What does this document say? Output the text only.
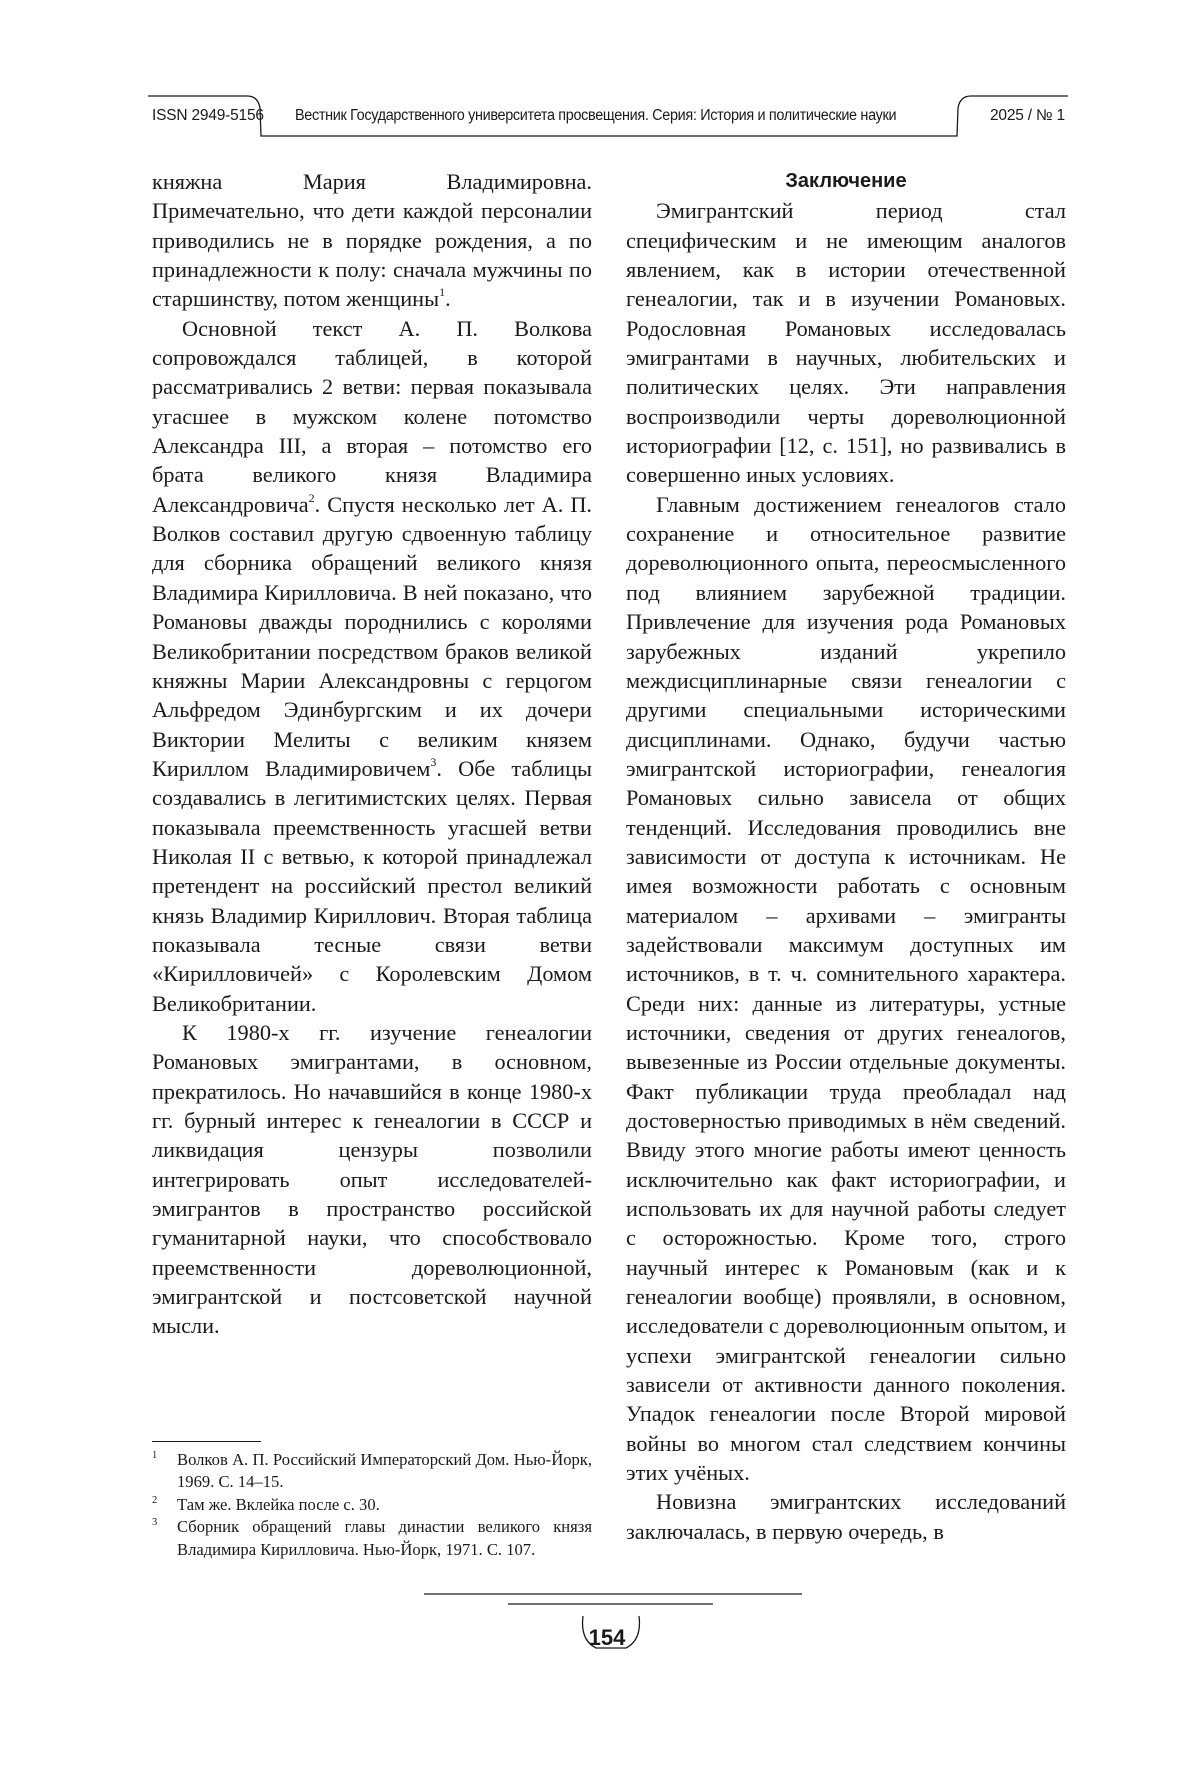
ISSN 2949-5156 Вестник Государственного университета просвещения. Серия: История и политические науки	2025 / № 1

княжна Мария Владимировна. Примечательно, что дети каждой персоналии приводились не в порядке рождения, а по принадлежности к полу: сначала мужчины по старшинству, потом женщины$^1$.

Основной текст А. П. Волкова сопровождался таблицей, в которой рассматривались 2 ветви: первая показывала угасшее в мужском колене потомство Александра III, а вторая – потомство его брата великого князя Владимира Александровича$^2$. Спустя несколько лет А. П. Волков составил другую сдвоенную таблицу для сборника обращений великого князя Владимира Кирилловича. В ней показано, что Романовы дважды породнились с королями Великобритании посредством браков великой княжны Марии Александровны с герцогом Альфредом Эдинбургским и их дочери Виктории Мелиты с великим князем Кириллом Владимировичем$^3$. Обе таблицы создавались в легитимистских целях. Первая показывала преемственность угасшей ветви Николая II с ветвью, к которой принадлежал претендент на российский престол великий князь Владимир Кириллович. Вторая таблица показывала тесные связи ветви «Кирилловичей» с Королевским Домом Великобритании.

К 1980-х гг. изучение генеалогии Романовых эмигрантами, в основном, прекратилось. Но начавшийся в конце 1980-х гг. бурный интерес к генеалогии в СССР и ликвидация цензуры позволили интегрировать опыт исследователей-эмигрантов в пространство российской гуманитарной науки, что способствовало преемственности дореволюционной, эмигрантской и постсоветской научной мысли.

Заключение

Эмигрантский период стал специфическим и не имеющим аналогов явлением, как в истории отечественной генеалогии, так и в изучении Романовых. Родословная Романовых исследовалась эмигрантами в научных, любительских и политических целях. Эти направления воспроизводили черты дореволюционной историографии [12, с. 151], но развивались в совершенно иных условиях.

Главным достижением генеалогов стало сохранение и относительное развитие дореволюционного опыта, переосмысленного под влиянием зарубежной традиции. Привлечение для изучения рода Романовых зарубежных изданий укрепило междисциплинарные связи генеалогии с другими специальными историческими дисциплинами. Однако, будучи частью эмигрантской историографии, генеалогия Романовых сильно зависела от общих тенденций. Исследования проводились вне зависимости от доступа к источникам. Не имея возможности работать с основным материалом – архивами – эмигранты задействовали максимум доступных им источников, в т. ч. сомнительного характера. Среди них: данные из литературы, устные источники, сведения от других генеалогов, вывезенные из России отдельные документы. Факт публикации труда преобладал над достоверностью приводимых в нём сведений. Ввиду этого многие работы имеют ценность исключительно как факт историографии, и использовать их для научной работы следует с осторожностью. Кроме того, строго научный интерес к Романовым (как и к генеалогии вообще) проявляли, в основном, исследователи с дореволюционным опытом, и успехи эмигрантской генеалогии сильно зависели от активности данного поколения. Упадок генеалогии после Второй мировой войны во многом стал следствием кончины этих учёных.

Новизна эмигрантских исследований заключалась, в первую очередь, в

1	Волков А. П. Российский Императорский Дом. Нью-Йорк, 1969. С. 14–15.
2	Там же. Вклейка после с. 30.
3	Сборник обращений главы династии великого князя Владимира Кирилловича. Нью-Йорк, 1971. С. 107.
154
